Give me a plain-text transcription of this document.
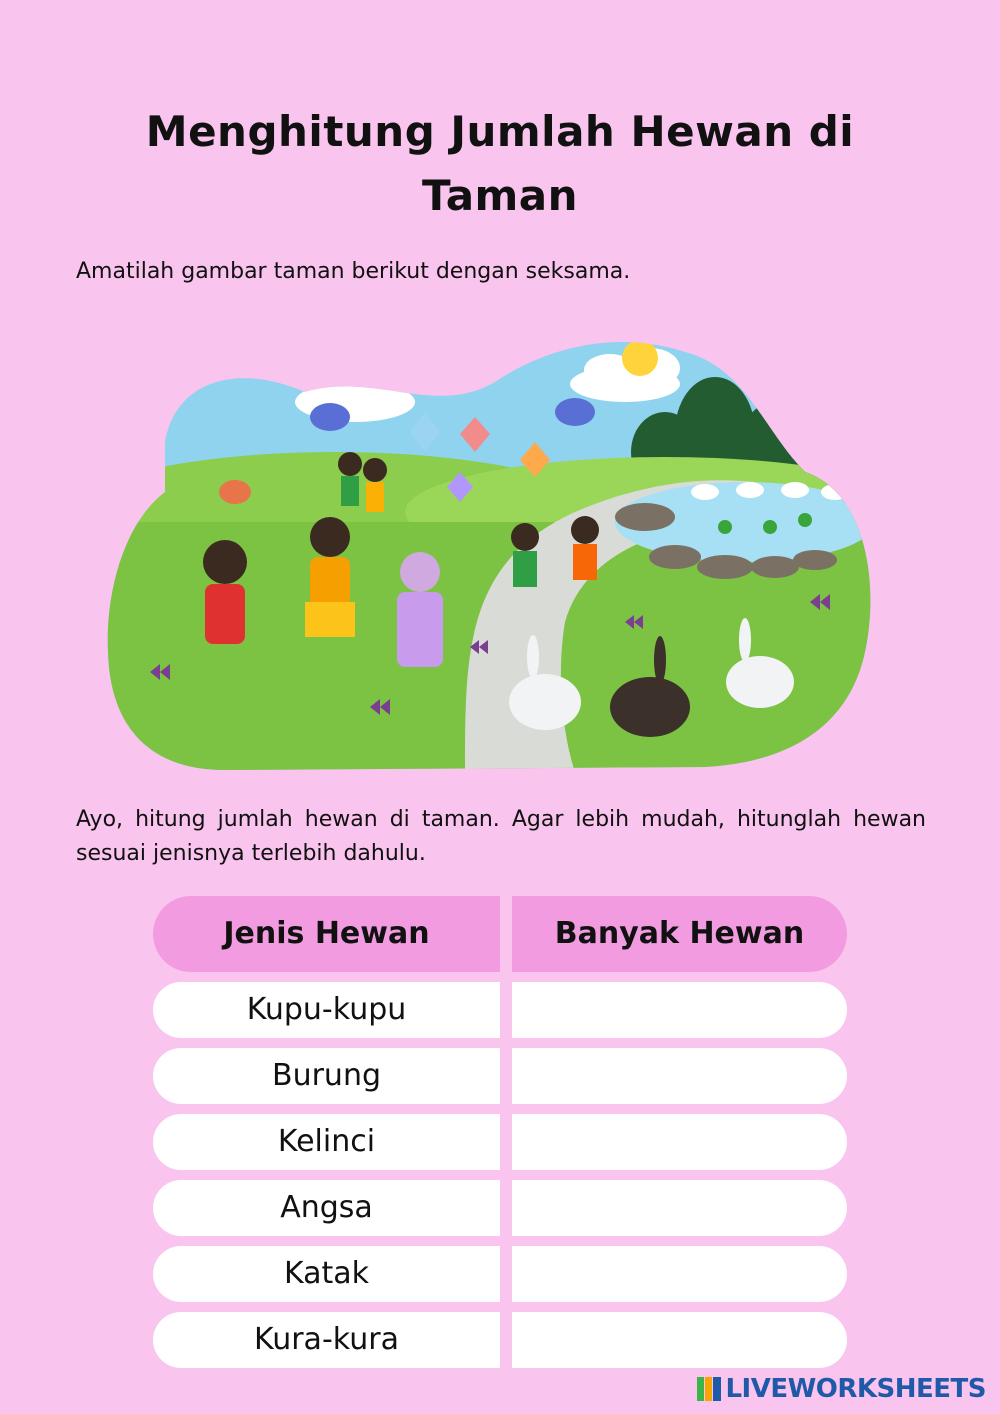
Menghitung Jumlah Hewan di Taman
Amatilah gambar taman berikut dengan seksama.
Ayo, hitung jumlah hewan di taman. Agar lebih mudah, hitunglah hewan sesuai jenisnya terlebih dahulu.
Jenis Hewan	Banyak Hewan
Kupu-kupu
Burung
Kelinci
Angsa
Katak
Kura-kura
LIVEWORKSHEETS
